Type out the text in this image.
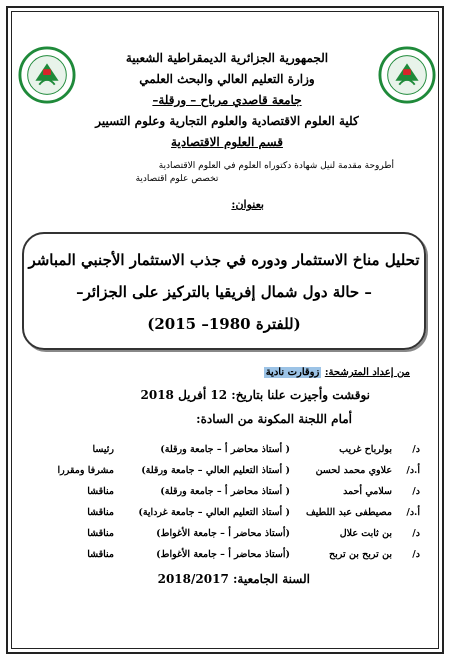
الجمهورية الجزائرية الديمقراطية الشعبية
وزارة التعليم العالي والبحث العلمي
جامعة قاصدي مرباح – ورقلة–
كلية العلوم الاقتصادية والعلوم التجارية وعلوم التسيير
قسم العلوم الاقتصادية
أطروحة مقدمة لنيل شهادة دكتوراه العلوم في العلوم الاقتصادية
تخصص علوم اقتصادية
بعنوان:
تحليل مناخ الاستثمار ودوره في جذب الاستثمار الأجنبي المباشر
– حالة دول شمال إفريقيا بالتركيز على الجزائر–
(للفترة 1980– 2015)
من إعداد المترشحة: زوقارت نادية
نوقشت وأجيزت علنا بتاريخ: 12 أفريل 2018
أمام اللجنة المكونة من السادة:
د/
بولرباح غريب
( أستاذ محاضر أ – جامعة ورقلة)
رئيسا
أ.د/
علاوي محمد لحسن
( أستاذ التعليم العالي – جامعة ورقلة)
مشرفا ومقررا
د/
سلامي أحمد
( أستاذ محاضر أ – جامعة ورقلة)
مناقشا
أ.د/
مصيطفى عبد اللطيف
( أستاذ التعليم العالي – جامعة غرداية)
مناقشا
د/
بن ثابت علال
(أستاذ محاضر أ – جامعة الأغواط)
مناقشا
د/
بن تربح بن تربح
(أستاذ محاضر أ – جامعة الأغواط)
مناقشا
السنة الجامعية: 2018/2017
